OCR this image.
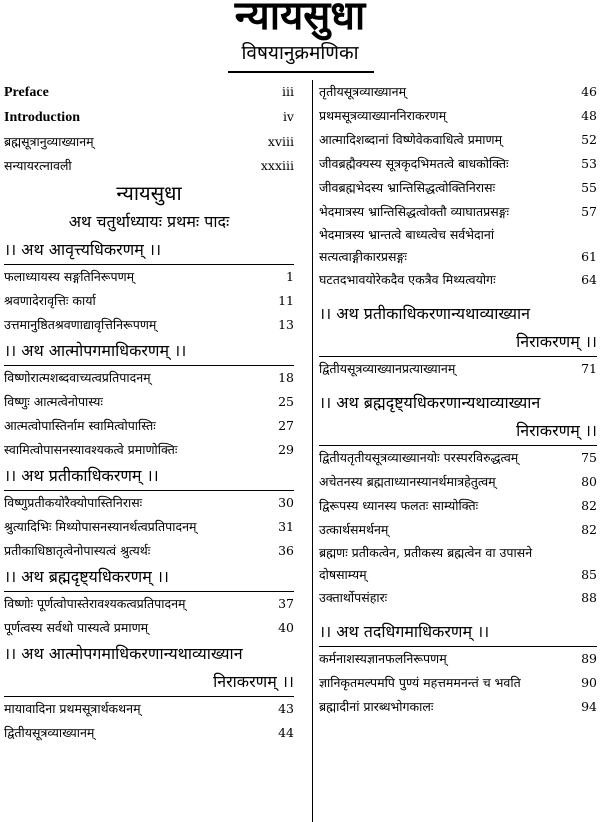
न्यायसुधा
विषयानुक्रमणिका
Preface	iii
Introduction	iv
ब्रह्मसूत्रानुव्याख्यानम्	xviii
सन्यायरत्नावली	xxxiii
न्यायसुधा
अथ चतुर्थाध्यायः प्रथमः पादः
।। अथ आवृत्त्यधिकरणम् ।।
फलाध्यायस्य सङ्गतिनिरूपणम्	1
श्रवणादेरावृत्तिः कार्या	11
उत्तमानुष्ठितश्रवणाद्यावृत्तिनिरूपणम्	13
।। अथ आत्मोपगमाधिकरणम् ।।
विष्णोरात्मशब्दवाच्यत्वप्रतिपादनम्	18
विष्णुः आत्मत्वेनोपास्यः	25
आत्मत्वोपास्तिर्नाम स्वामित्वोपास्तिः	27
स्वामित्वोपासनस्यावश्यकत्वे प्रमाणोक्तिः	29
।। अथ प्रतीकाधिकरणम् ।।
विष्णुप्रतीकयोरैक्योपास्तिनिरासः	30
श्रुत्यादिभिः मिथ्योपासनस्यानर्थत्वप्रतिपादनम्	31
प्रतीकाधिष्ठातृत्वेनोपास्यत्वं श्रुत्यर्थः	36
।। अथ ब्रह्मदृष्ट्यधिकरणम् ।।
विष्णोः पूर्णत्वोपास्तेरावश्यकत्वप्रतिपादनम्	37
पूर्णत्वस्य सर्वथो पास्यत्वे प्रमाणम्	40
।। अथ आत्मोपगमाधिकरणान्यथाव्याख्यान
निराकरणम् ।।
मायावादिना प्रथमसूत्रार्थकथनम्	43
द्वितीयसूत्रव्याख्यानम्	44
तृतीयसूत्रव्याख्यानम्	46
प्रथमसूत्रव्याख्याननिराकरणम्	48
आत्मादिशब्दानां विष्णेवेकवाधित्वे प्रमाणम्	52
जीवब्रह्मैक्यस्य सूत्रकृदभिमतत्वे बाधकोक्तिः	53
जीवब्रह्मभेदस्य भ्रान्तिसिद्धत्वोक्तिनिरासः	55
भेदमात्रस्य भ्रान्तिसिद्धत्वोक्तौ व्याघातप्रसङ्गः	57
भेदमात्रस्य भ्रान्तत्वे बाध्यत्वेच सर्वभेदानां
सत्यत्वाङ्गीकारप्रसङ्गः	61
घटतदभावयोरेकदैव एकत्रैव मिथ्यत्वयोगः	64
।। अथ प्रतीकाधिकरणान्यथाव्याख्यान
निराकरणम् ।।
द्वितीयसूत्रव्याख्यानप्रत्याख्यानम्	71
।। अथ ब्रह्मदृष्ट्यधिकरणान्यथाव्याख्यान
निराकरणम् ।।
द्वितीयतृतीयसूत्रव्याख्यानयोः परस्परविरुद्धत्वम्	75
अचेतनस्य ब्रह्मताध्यानस्यानर्थमात्रहेतुत्वम्	80
द्विरूपस्य ध्यानस्य फलतः साम्योक्तिः	82
उत्कार्थसमर्थनम्	82
ब्रह्मणः प्रतीकत्वेन, प्रतीकस्य ब्रह्मत्वेन वा उपासने
दोषसाम्यम्	85
उक्तार्थोपसंहारः	88
।। अथ तदधिगमाधिकरणम् ।।
कर्मनाशस्यज्ञानफलनिरूपणम्	89
ज्ञानिकृतमल्पमपि पुण्यं महत्तममनन्तं च भवति	90
ब्रह्मादीनां प्रारब्धभोगकालः	94
